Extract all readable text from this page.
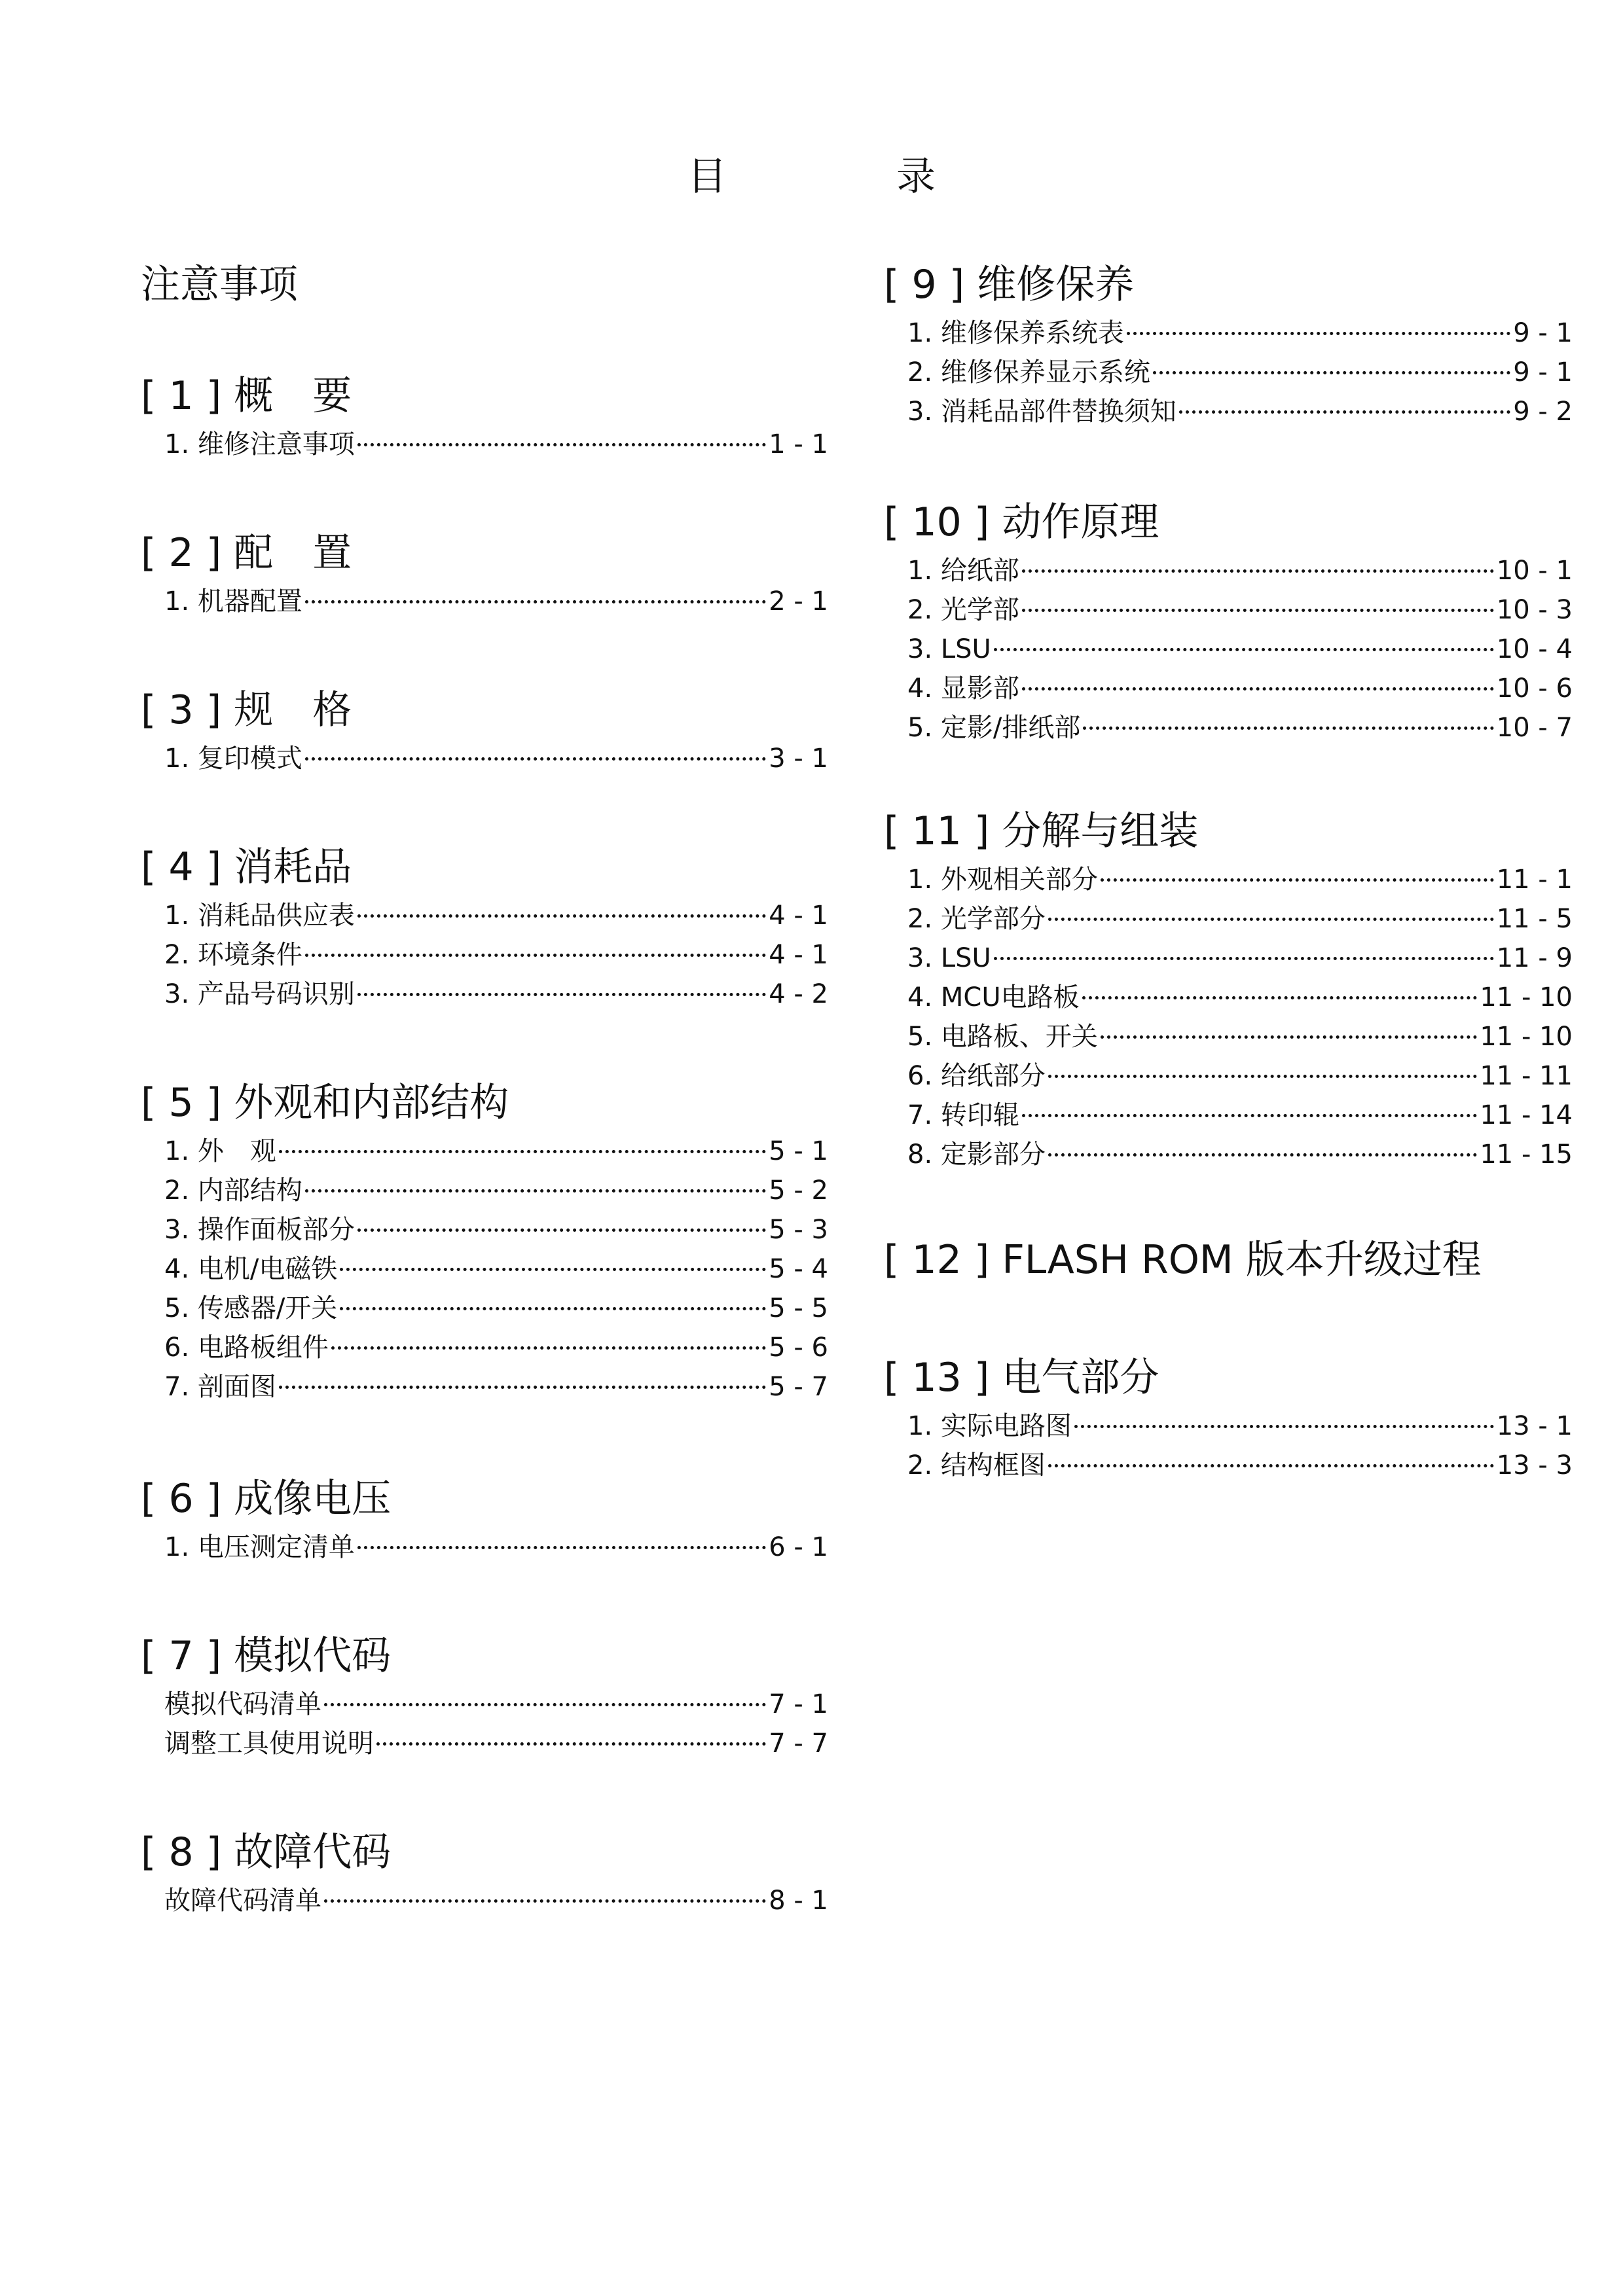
目 录
注意事项
[ 1 ] 概　要
1. 维修注意事项	1 - 1
[ 2 ] 配　置
1. 机器配置	2 - 1
[ 3 ] 规　格
1. 复印模式	3 - 1
[ 4 ] 消耗品
1. 消耗品供应表	4 - 1
2. 环境条件	4 - 1
3. 产品号码识别	4 - 2
[ 5 ] 外观和内部结构
1. 外　观	5 - 1
2. 内部结构	5 - 2
3. 操作面板部分	5 - 3
4. 电机/电磁铁	5 - 4
5. 传感器/开关	5 - 5
6. 电路板组件	5 - 6
7. 剖面图	5 - 7
[ 6 ] 成像电压
1. 电压测定清单	6 - 1
[ 7 ] 模拟代码
模拟代码清单	7 - 1
调整工具使用说明	7 - 7
[ 8 ] 故障代码
故障代码清单	8 - 1
[ 9 ] 维修保养
1. 维修保养系统表	9 - 1
2. 维修保养显示系统	9 - 1
3. 消耗品部件替换须知	9 - 2
[ 10 ] 动作原理
1. 给纸部	10 - 1
2. 光学部	10 - 3
3. LSU	10 - 4
4. 显影部	10 - 6
5. 定影/排纸部	10 - 7
[ 11 ] 分解与组装
1. 外观相关部分	11 - 1
2. 光学部分	11 - 5
3. LSU	11 - 9
4. MCU电路板	11 - 10
5. 电路板、开关	11 - 10
6. 给纸部分	11 - 11
7. 转印辊	11 - 14
8. 定影部分	11 - 15
[ 12 ] FLASH ROM 版本升级过程
[ 13 ] 电气部分
1. 实际电路图	13 - 1
2. 结构框图	13 - 3
